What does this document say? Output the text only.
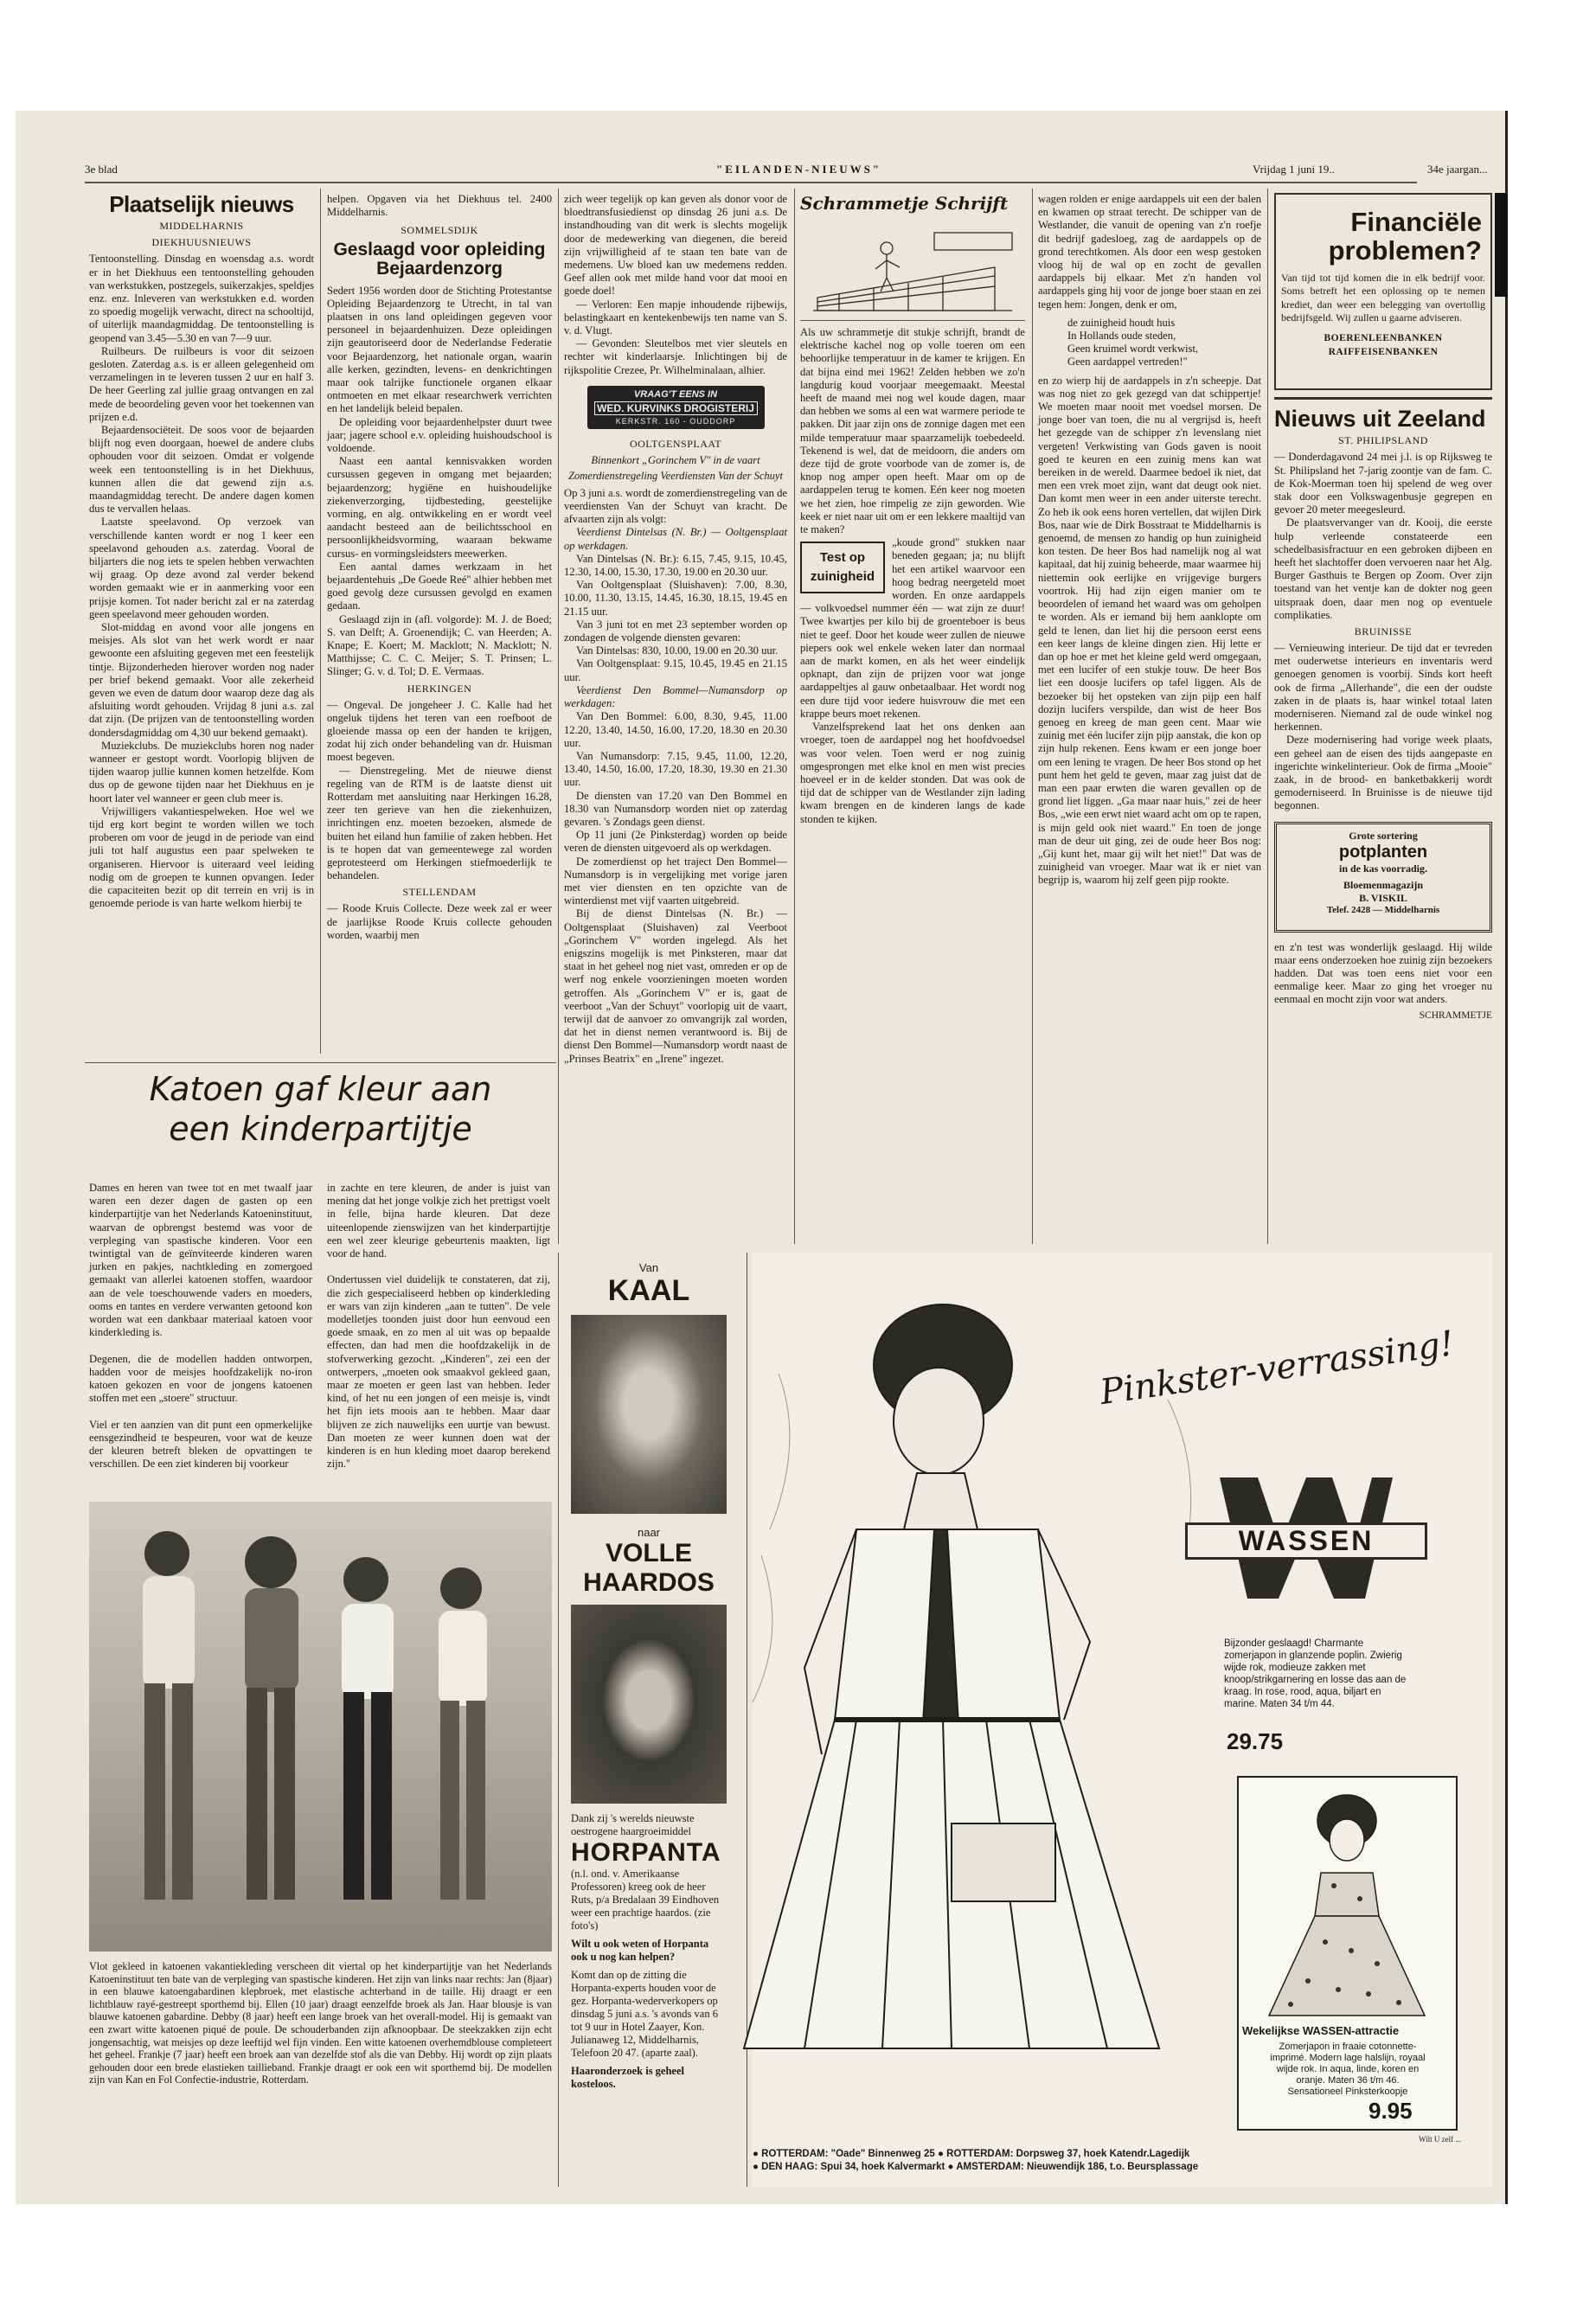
3e blad	"EILANDEN-NIEUWS"	Vrijdag 1 juni 19..	34e jaargan...
Plaatselijk nieuws
MIDDELHARNIS
DIEKHUUSNIEUWS

Tentoonstelling. Dinsdag en woensdag a.s. wordt er in het Diekhuus een tentoonstelling gehouden van werkstukken, postzegels, suikerzakjes, speldjes enz. enz. Inleveren van werkstukken e.d. worden zo spoedig mogelijk verwacht, direct na schooltijd, of uiterlijk maandagmiddag. De tentoonstelling is geopend van 3.45—5.30 en van 7—9 uur.

Ruilbeurs. De ruilbeurs is voor dit seizoen gesloten. Zaterdag a.s. is er alleen gelegenheid om verzamelingen in te leveren tussen 2 uur en half 3. De heer Geerling zal jullie graag ontvangen en zal mede de beoordeling geven voor het toekennen van prijzen e.d.

Bejaardensociëteit. De soos voor de bejaarden blijft nog even doorgaan, hoewel de andere clubs ophouden voor dit seizoen. Omdat er volgende week een tentoonstelling is in het Diekhuus, kunnen allen die dat gewend zijn a.s. maandagmiddag terecht. De andere dagen komen dus te vervallen helaas.

Laatste speelavond. Op verzoek van verschillende kanten wordt er nog 1 keer een speelavond gehouden a.s. zaterdag. Vooral de biljarters die nog iets te spelen hebben verwachten wij graag. Op deze avond zal verder bekend worden gemaakt wie er in aanmerking voor een prijsje komen. Tot nader bericht zal er na zaterdag geen speelavond meer gehouden worden.

Slot-middag en avond voor alle jongens en meisjes. Als slot van het werk wordt er naar gewoonte een afsluiting gegeven met een feestelijk tintje. Bijzonderheden hierover worden nog nader per brief bekend gemaakt. Voor alle zekerheid geven we even de datum door waarop deze dag als afsluiting wordt gehouden. Vrijdag 8 juni a.s. zal dat zijn. (De prijzen van de tentoonstelling worden dondersdagmiddag om 4,30 uur bekend gemaakt).

Muziekclubs. De muziekclubs horen nog nader wanneer er gestopt wordt. Voorlopig blijven de tijden waarop jullie kunnen komen hetzelfde. Kom dus op de gewone tijden naar het Diekhuus en je hoort later vel wanneer er geen club meer is.

Vrijwilligers vakantiespelweken. Hoe wel we tijd erg kort begint te worden willen we toch proberen om voor de jeugd in de periode van eind juli tot half augustus een paar spelweken te organiseren. Hiervoor is uiteraard veel leiding nodig om de groepen te kunnen opvangen. Ieder die capaciteiten bezit op dit terrein en vrij is in genoemde periode is van harte welkom hierbij te

helpen. Opgaven via het Diekhuus tel. 2400 Middelharnis.
SOMMELSDIJK
Geslaagd voor opleiding Bejaardenzorg

Sedert 1956 worden door de Stichting Protestantse Opleiding Bejaardenzorg te Utrecht, in tal van plaatsen in ons land opleidingen gegeven voor personeel in bejaardenhuizen. Deze opleidingen zijn geautoriseerd door de Nederlandse Federatie voor Bejaardenzorg, het nationale organ, waarin alle kerken, gezindten, levens- en denkrichtingen maar ook talrijke functionele organen elkaar ontmoeten en met elkaar researchwerk verrichten en het landelijk beleid bepalen.

De opleiding voor bejaardenhelpster duurt twee jaar; jagere school e.v. opleiding huishoudschool is voldoende.

Naast een aantal kennisvakken worden cursussen gegeven in omgang met bejaarden; bejaardenzorg; hygiëne en huishoudelijke ziekenverzorging, tijdbesteding, geestelijke vorming, en alg. ontwikkeling en er wordt veel aandacht besteed aan de beilichtsschool en persoonlijkheidsvorming, waaraan bekwame cursus- en vormingsleidsters meewerken.

Een aantal dames werkzaam in het bejaardentehuis „De Goede Reé" alhier hebben met goed gevolg deze cursussen gevolgd en examen gedaan.

Geslaagd zijn in (afl. volgorde): M. J. de Boed; S. van Delft; A. Groenendijk; C. van Heerden; A. Knape; E. Koert; M. Macklott; N. Macklott; N. Matthijsse; C. C. C. Meijer; S. T. Prinsen; L. Slinger; G. v. d. Tol; D. E. Vermaas.

HERKINGEN

— Ongeval. De jongeheer J. C. Kalle had het ongeluk tijdens het teren van een roefboot de gloeiende massa op een der handen te krijgen, zodat hij zich onder behandeling van dr. Huisman moest begeven.

— Dienstregeling. Met de nieuwe dienst regeling van de RTM is de laatste dienst uit Rotterdam met aansluiting naar Herkingen 16.28, zeer ten gerieve van hen die ziekenhuizen, inrichtingen enz. moeten bezoeken, alsmede de buiten het eiland hun familie of zaken hebben. Het is te hopen dat van gemeentewege zal worden geprotesteerd om Herkingen stiefmoederlijk te behandelen.

STELLENDAM

— Roode Kruis Collecte. Deze week zal er weer de jaarlijkse Roode Kruis collecte gehouden worden, waarbij men

zich weer tegelijk op kan geven als donor voor de bloedtransfusiedienst op dinsdag 26 juni a.s. De instandhouding van dit werk is slechts mogelijk door de medewerking van diegenen, die bereid zijn vrijwilligheid af te staan ten bate van de medemens. Uw bloed kan uw medemens redden. Geef allen ook met milde hand voor dat mooi en goede doel!

— Verloren: Een mapje inhoudende rijbewijs, belastingkaart en kentekenbewijs ten name van S. v. d. Vlugt.

— Gevonden: Sleutelbos met vier sleutels en rechter wit kinderlaarsje. Inlichtingen bij de rijkspolitie Crezee, Pr. Wilhelminalaan, alhier.

VRAAG'T EENS IN
WED. KURVINKS DROGISTERIJ
KERKSTR. 160 - OUDDORP
OOLTGENSPLAAT
Binnenkort „Gorinchem V" in de vaart
Zomerdienstregeling Veerdiensten Van der Schuyt

Op 3 juni a.s. wordt de zomerdienstregeling van de veerdiensten Van der Schuyt van kracht. De afvaarten zijn als volgt:

Veerdienst Dintelsas (N. Br.) — Ooltgensplaat op werkdagen.

Van Dintelsas (N. Br.): 6.15, 7.45, 9.15, 10.45, 12.30, 14.00, 15.30, 17.30, 19.00 en 20.30 uur.

Van Ooltgensplaat (Sluishaven): 7.00, 8.30, 10.00, 11.30, 13.15, 14.45, 16.30, 18.15, 19.45 en 21.15 uur.

Van 3 juni tot en met 23 september worden op zondagen de volgende diensten gevaren:

Van Dintelsas: 830, 10.00, 19.00 en 20.30 uur.

Van Ooltgensplaat: 9.15, 10.45, 19.45 en 21.15 uur.

Veerdienst Den Bommel—Numansdorp op werkdagen:

Van Den Bommel: 6.00, 8.30, 9.45, 11.00 12.20, 13.40, 14.50, 16.00, 17.20, 18.30 en 20.30 uur.

Van Numansdorp: 7.15, 9.45, 11.00, 12.20, 13.40, 14.50, 16.00, 17.20, 18.30, 19.30 en 21.30 uur.

De diensten van 17.20 van Den Bommel en 18.30 van Numansdorp worden niet op zaterdag gevaren. 's Zondags geen dienst.

Op 11 juni (2e Pinksterdag) worden op beide veren de diensten uitgevoerd als op werkdagen.

De zomerdienst op het traject Den Bommel—Numansdorp is in vergelijking met vorige jaren met vier diensten en ten opzichte van de winterdienst met vijf vaarten uitgebreid.

Bij de dienst Dintelsas (N. Br.) — Ooltgensplaat (Sluishaven) zal Veerboot „Gorinchem V" worden ingelegd. Als het enigszins mogelijk is met Pinksteren, maar dat staat in het geheel nog niet vast, omreden er op de werf nog enkele voorzieningen moeten worden getroffen. Als „Gorinchem V" er is, gaat de veerboot „Van der Schuyt" voorlopig uit de vaart, terwijl dat de aanvoer zo omvangrijk zal worden, dat het in dienst nemen verantwoord is. Bij de dienst Den Bommel—Numansdorp wordt naast de „Prinses Beatrix" en „Irene" ingezet.

Schrammetje Schrijft

Als uw schrammetje dit stukje schrijft, brandt de elektrische kachel nog op volle toeren om een behoorlijke temperatuur in de kamer te krijgen. En dat bijna eind mei 1962! Zelden hebben we zo'n langdurig koud voorjaar meegemaakt. Meestal heeft de maand mei nog wel koude dagen, maar dan hebben we soms al een wat warmere periode te pakken. Dit jaar zijn ons de zonnige dagen met een milde temperatuur maar spaarzamelijk toebedeeld. Tekenend is wel, dat de meidoorn, die anders om deze tijd de grote voorbode van de zomer is, de knop nog amper open heeft. Maar om op de aardappelen terug te komen. Eén keer nog moeten we het zien, hoe rimpelig ze zijn geworden. Wie keek er niet naar uit om er een lekkere maaltijd van te maken?

Test op zuinigheid

„koude grond" stukken naar beneden gegaan; ja; nu blijft het een artikel waarvoor een hoog bedrag neergeteld moet worden. En onze aardappels — volkvoedsel nummer één — wat zijn ze duur! Twee kwartjes per kilo bij de groenteboer is beus niet te geef. Door het koude weer zullen de nieuwe piepers ook wel enkele weken later dan normaal aan de markt komen, en als het weer eindelijk opknapt, dan zijn de prijzen voor wat jonge aardappeltjes al gauw onbetaalbaar. Het wordt nog een dure tijd voor iedere huisvrouw die met een krappe beurs moet rekenen.

Vanzelfsprekend laat het ons denken aan vroeger, toen de aardappel nog het hoofdvoedsel was voor velen. Toen werd er nog zuinig omgesprongen met elke knol en men wist precies hoeveel er in de kelder stonden. Dat was ook de tijd dat de schipper van de Westlander zijn lading kwam brengen en de kinderen langs de kade stonden te kijken.

wagen rolden er enige aardappels uit een der balen en kwamen op straat terecht. De schipper van de Westlander, die vanuit de opening van z'n roefje dit bedrijf gadesloeg, zag de aardappels op de grond terechtkomen. Als door een wesp gestoken vloog hij de wal op en zocht de gevallen aardappels bij elkaar. Met z'n handen vol aardappels ging hij voor de jonge boer staan en zei tegen hem: Jongen, denk er om,

de zuinigheid houdt huis
In Hollands oude steden,
Geen kruimel wordt verkwist,
Geen aardappel vertreden!"

en zo wierp hij de aardappels in z'n scheepje. Dat was nog niet zo gek gezegd van dat schippertje! We moeten maar nooit met voedsel morsen. De jonge boer van toen, die nu al vergrijsd is, heeft het gezegde van de schipper z'n levenslang niet vergeten! Verkwisting van Gods gaven is nooit goed te keuren en een zuinig mens kan wat bereiken in de wereld. Daarmee bedoel ik niet, dat men een vrek moet zijn, want dat deugt ook niet. Dan komt men weer in een ander uiterste terecht. Zo heb ik ook eens horen vertellen, dat wijlen Dirk Bos, naar wie de Dirk Bosstraat te Middelharnis is genoemd, de mensen zo handig op hun zuinigheid kon testen. De heer Bos had namelijk nog al wat kapitaal, dat hij zuinig beheerde, maar waarmee hij niettemin ook eerlijke en vrijgevige burgers voortrok. Hij had zijn eigen manier om te beoordelen of iemand het waard was om geholpen te worden. Als er iemand bij hem aanklopte om geld te lenen, dan liet hij die persoon eerst eens een keer langs de kleine dingen zien. Hij lette er dan op hoe er met het kleine geld werd omgegaan, met een lucifer of een stukje touw. De heer Bos liet een doosje lucifers op tafel liggen. Als de bezoeker bij het opsteken van zijn pijp een half dozijn lucifers verspilde, dan wist de heer Bos genoeg en kreeg de man geen cent. Maar wie zuinig met één lucifer zijn pijp aanstak, die kon op zijn hulp rekenen. Eens kwam er een jonge boer om een lening te vragen. De heer Bos stond op het punt hem het geld te geven, maar zag juist dat de man een paar erwten die waren gevallen op de grond liet liggen. „Ga maar naar huis," zei de heer Bos, „wie een erwt niet waard acht om op te rapen, is mijn geld ook niet waard." En toen de jonge man de deur uit ging, zei de oude heer Bos nog: „Gij kunt het, maar gij wilt het niet!" Dat was de zuinigheid van vroeger. Maar wat ik er niet van begrijp is, waarom hij zelf geen pijp rookte.

Financiële problemen?
Van tijd tot tijd komen die in elk bedrijf voor. Soms betreft het een oplossing op te nemen krediet, dan weer een belegging van overtollig bedrijfsgeld. Wij zullen u gaarne adviseren.
BOERENLEENBANKEN
RAIFFEISENBANKEN
Nieuws uit Zeeland
ST. PHILIPSLAND

— Donderdagavond 24 mei j.l. is op Rijksweg te St. Philipsland het 7-jarig zoontje van de fam. C. de Kok-Moerman toen hij spelend de weg over stak door een Volkswagenbusje gegrepen en gevoer 20 meter meegesleurd.

De plaatsvervanger van dr. Kooij, die eerste hulp verleende constateerde een schedelbasisfractuur en een gebroken dijbeen en heeft het slachtoffer doen vervoeren naar het Alg. Burger Gasthuis te Bergen op Zoom. Over zijn toestand van het ventje kan de dokter nog geen uitspraak doen, daar men nog op eventuele complikaties.

BRUINISSE

— Vernieuwing interieur. De tijd dat er tevreden met ouderwetse interieurs en inventaris werd genoegen genomen is voorbij. Sinds kort heeft ook de firma „Allerhande", die een der oudste zaken in de plaats is, haar winkel totaal laten moderniseren. Niemand zal de oude winkel nog herkennen.

Deze modernisering had vorige week plaats, een geheel aan de eisen des tijds aangepaste en ingerichte winkelinterieur. Ook de firma „Mooie" zaak, in de brood- en banketbakkerij wordt gemoderniseerd. In Bruinisse is de nieuwe tijd begonnen.

Grote sortering
potplanten
in de kas voorradig.
Bloemenmagazijn
B. VISKIL
Telef. 2428 — Middelharnis

en z'n test was wonderlijk geslaagd. Hij wilde maar eens onderzoeken hoe zuinig zijn bezoekers hadden. Dat was toen eens niet voor een eenmalige keer. Maar zo ging het vroeger nu eenmaal en mocht zijn voor wat anders.

SCHRAMMETJE
Katoen gaf kleur aan een kinderpartijtje
Dames en heren van twee tot en met twaalf jaar waren een dezer dagen de gasten op een kinderpartijtje van het Nederlands Katoeninstituut, waarvan de opbrengst bestemd was voor de verpleging van spastische kinderen. Voor een twintigtal van de geïnviteerde kinderen waren jurken en pakjes, nachtkleding en zomergoed gemaakt van allerlei katoenen stoffen, waardoor aan de vele toeschouwende vaders en moeders, ooms en tantes en verdere verwanten getoond kon worden wat een dankbaar materiaal katoen voor kinderkleding is.

Degenen, die de modellen hadden ontworpen, hadden voor de meisjes hoofdzakelijk no-iron katoen gekozen en voor de jongens katoenen stoffen met een „stoere" structuur.

Viel er ten aanzien van dit punt een opmerkelijke eensgezindheid te bespeuren, voor wat de keuze der kleuren betreft bleken de opvattingen te verschillen. De een ziet kinderen bij voorkeur
in zachte en tere kleuren, de ander is juist van mening dat het jonge volkje zich het prettigst voelt in felle, bijna harde kleuren. Dat deze uiteenlopende zienswijzen van het kinderpartijtje een wel zeer kleurige gebeurtenis maakten, ligt voor de hand.

Ondertussen viel duidelijk te constateren, dat zij, die zich gespecialiseerd hebben op kinderkleding er wars van zijn kinderen „aan te tutten". De vele modelletjes toonden juist door hun eenvoud een goede smaak, en zo men al uit was op bepaalde effecten, dan had men die hoofdzakelijk in de stofverwerking gezocht. „Kinderen", zei een der ontwerpers, „moeten ook smaakvol gekleed gaan, maar ze moeten er geen last van hebben. Ieder kind, of het nu een jongen of een meisje is, vindt het fijn iets moois aan te hebben. Maar daar blijven ze zich nauwelijks een uurtje van bewust. Dan moeten ze weer kunnen doen wat der kinderen is en hun kleding moet daarop berekend zijn."
Vlot gekleed in katoenen vakantiekleding verscheen dit viertal op het kinderpartijtje van het Nederlands Katoeninstituut ten bate van de verpleging van spastische kinderen. Het zijn van links naar rechts: Jan (8jaar) in een blauwe katoengabardinen klepbroek, met elastische achterband in de taille. Hij draagt er een lichtblauw rayé-gestreept sporthemd bij. Ellen (10 jaar) draagt eenzelfde broek als Jan. Haar blousje is van blauwe katoenen gabardine. Debby (8 jaar) heeft een lange broek van het overall-model. Hij is gemaakt van een zwart witte katoenen piqué de poule. De schouderbanden zijn afknoopbaar. De steekzakken zijn echt jongensachtig, wat meisjes op deze leeftijd wel fijn vinden. Een witte katoenen overhemdblouse completeert het geheel. Frankje (7 jaar) heeft een broek aan van dezelfde stof als die van Debby. Hij wordt op zijn plaats gehouden door een brede elastieken taillieband. Frankje draagt er ook een wit sporthemd bij. De modellen zijn van Kan en Fol Confectie-industrie, Rotterdam.
Van
KAAL
naar
VOLLE HAARDOS
Dank zij 's werelds nieuwste oestrogene haargroeimiddel
HORPANTA
(n.l. ond. v. Amerikaanse Professoren) kreeg ook de heer Ruts, p/a Bredalaan 39 Eindhoven weer een prachtige haardos. (zie foto's)
Wilt u ook weten of Horpanta ook u nog kan helpen?
Komt dan op de zitting die Horpanta-experts houden voor de gez. Horpanta-wederverkopers op dinsdag 5 juni a.s. 's avonds van 6 tot 9 uur in Hotel Zaayer, Kon. Julianaweg 12, Middelharnis, Telefoon 20 47. (aparte zaal).
Haaronderzoek is geheel kosteloos.
Pinkster-verrassing!
WASSEN
Bijzonder geslaagd! Charmante zomerjapon in glanzende poplin. Zwierig wijde rok, modieuze zakken met knoop/strikgarnering en losse das aan de kraag. In rose, rood, aqua, biljart en marine. Maten 34 t/m 44.
29.75
Wekelijkse WASSEN-attractie
Zomerjapon in fraaie cotonnette-imprimé. Modern lage halslijn, royaal wijde rok. In aqua, linde, koren en oranje. Maten 36 t/m 46. Sensationeel Pinksterkoopje
9.95
Wilt U zelf ...
● ROTTERDAM: "Oade" Binnenweg 25 ● ROTTERDAM: Dorpsweg 37, hoek Katendr.Lagedijk
● DEN HAAG: Spui 34, hoek Kalvermarkt ● AMSTERDAM: Nieuwendijk 186, t.o. Beursplassage
